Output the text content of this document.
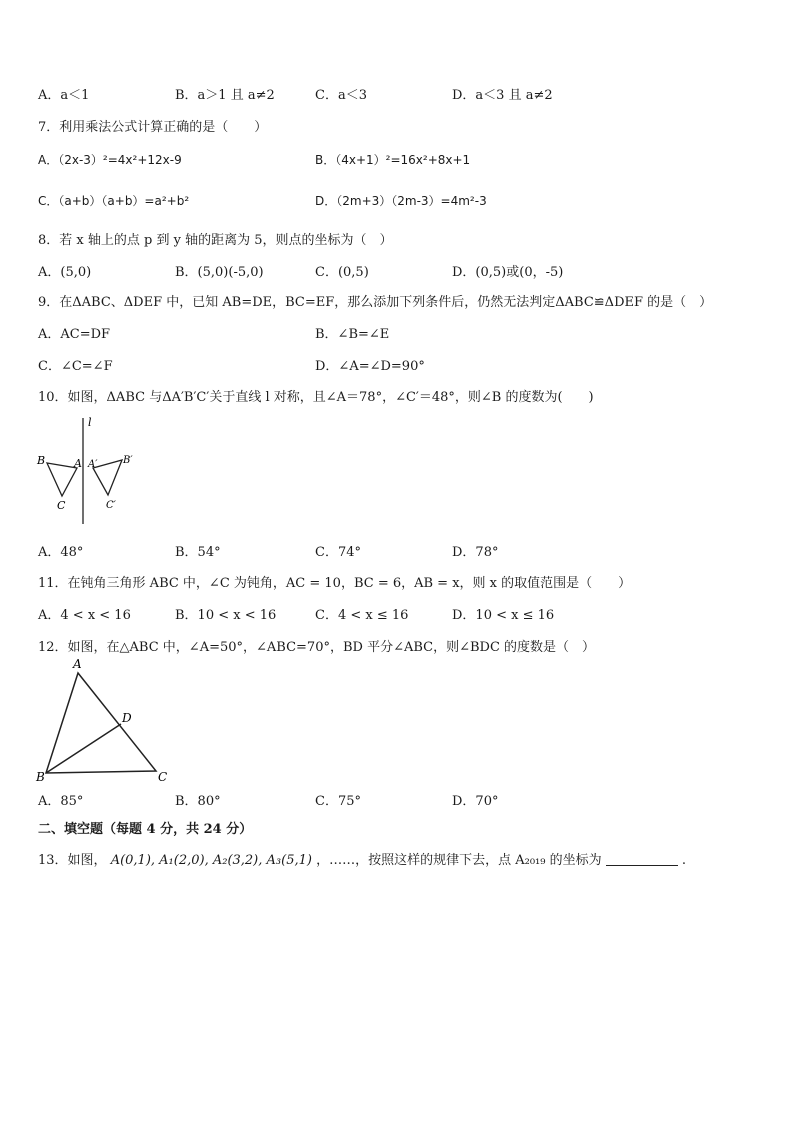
A．a＜1	B．a＞1 且 a≠2	C．a＜3	D．a＜3 且 a≠2
7．利用乘法公式计算正确的是（　　）
A．（2x-3）²=4x²+12x-9	B．（4x+1）²=16x²+8x+1
C．（a+b）（a+b）=a²+b²	D．（2m+3）（2m-3）=4m²-3
8．若 x 轴上的点 p 到 y 轴的距离为 5，则点的坐标为（　）
A．(5,0)	B．(5,0)(-5,0)	C．(0,5)	D．(0,5)或(0，-5)
9．在ΔABC、ΔDEF 中，已知 AB=DE，BC=EF，那么添加下列条件后，仍然无法判定ΔABC≌ΔDEF 的是（　）
A．AC=DF	B．∠B=∠E
C．∠C=∠F	D．∠A=∠D=90°
10．如图，ΔABC 与ΔA′B′C′关于直线 l 对称，且∠A＝78°，∠C′＝48°，则∠B 的度数为(　　)
l
B	A
C
A′	B′
C′
A．48°	B．54°	C．74°	D．78°
11．在钝角三角形 ABC 中，∠C 为钝角，AC = 10，BC = 6，AB = x，则 x 的取值范围是（　　）
A．4 < x < 16	B．10 < x < 16	C．4 < x ≤ 16	D．10 < x ≤ 16
12．如图，在△ABC 中，∠A=50°，∠ABC=70°，BD 平分∠ABC，则∠BDC 的度数是（　）
A
B	C
D
A．85°	B．80°	C．75°	D．70°
二、填空题（每题 4 分，共 24 分）
13．如图， A(0,1), A₁(2,0), A₂(3,2), A₃(5,1) ，……，按照这样的规律下去，点 A₂₀₁₉ 的坐标为	.
